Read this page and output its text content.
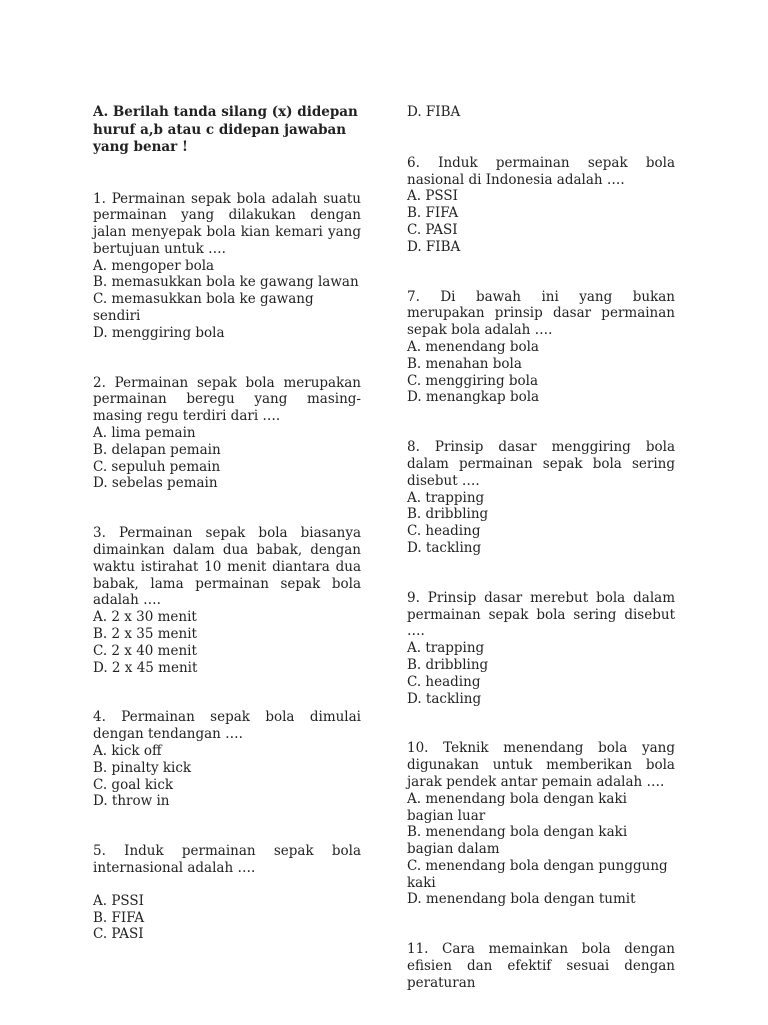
A. Berilah tanda silang (x) didepan huruf a,b atau c didepan jawaban yang benar !
1. Permainan sepak bola adalah suatu permainan yang dilakukan dengan jalan menyepak bola kian kemari yang bertujuan untuk ….
A. mengoper bola
B. memasukkan bola ke gawang lawan
C. memasukkan bola ke gawang sendiri
D. menggiring bola
2. Permainan sepak bola merupakan permainan beregu yang masing-masing regu terdiri dari ….
A. lima pemain
B. delapan pemain
C. sepuluh pemain
D. sebelas pemain
3. Permainan sepak bola biasanya dimainkan dalam dua babak, dengan waktu istirahat 10 menit diantara dua babak, lama permainan sepak bola adalah ….
A. 2 x 30 menit
B. 2 x 35 menit
C. 2 x 40 menit
D. 2 x 45 menit
4. Permainan sepak bola dimulai dengan tendangan ….
A. kick off
B. pinalty kick
C. goal kick
D. throw in
5. Induk permainan sepak bola internasional adalah ….
A. PSSI
B. FIFA
C. PASI
D. FIBA
6. Induk permainan sepak bola nasional di Indonesia adalah ….
A. PSSI
B. FIFA
C. PASI
D. FIBA
7. Di bawah ini yang bukan merupakan prinsip dasar permainan sepak bola adalah ….
A. menendang bola
B. menahan bola
C. menggiring bola
D. menangkap bola
8. Prinsip dasar menggiring bola dalam permainan sepak bola sering disebut ….
A. trapping
B. dribbling
C. heading
D. tackling
9. Prinsip dasar merebut bola dalam permainan sepak bola sering disebut ….
A. trapping
B. dribbling
C. heading
D. tackling
10. Teknik menendang bola yang digunakan untuk memberikan bola jarak pendek antar pemain adalah ….
A. menendang bola dengan kaki bagian luar
B. menendang bola dengan kaki bagian dalam
C. menendang bola dengan punggung kaki
D. menendang bola dengan tumit
11. Cara memainkan bola dengan efisien dan efektif sesuai dengan peraturan
